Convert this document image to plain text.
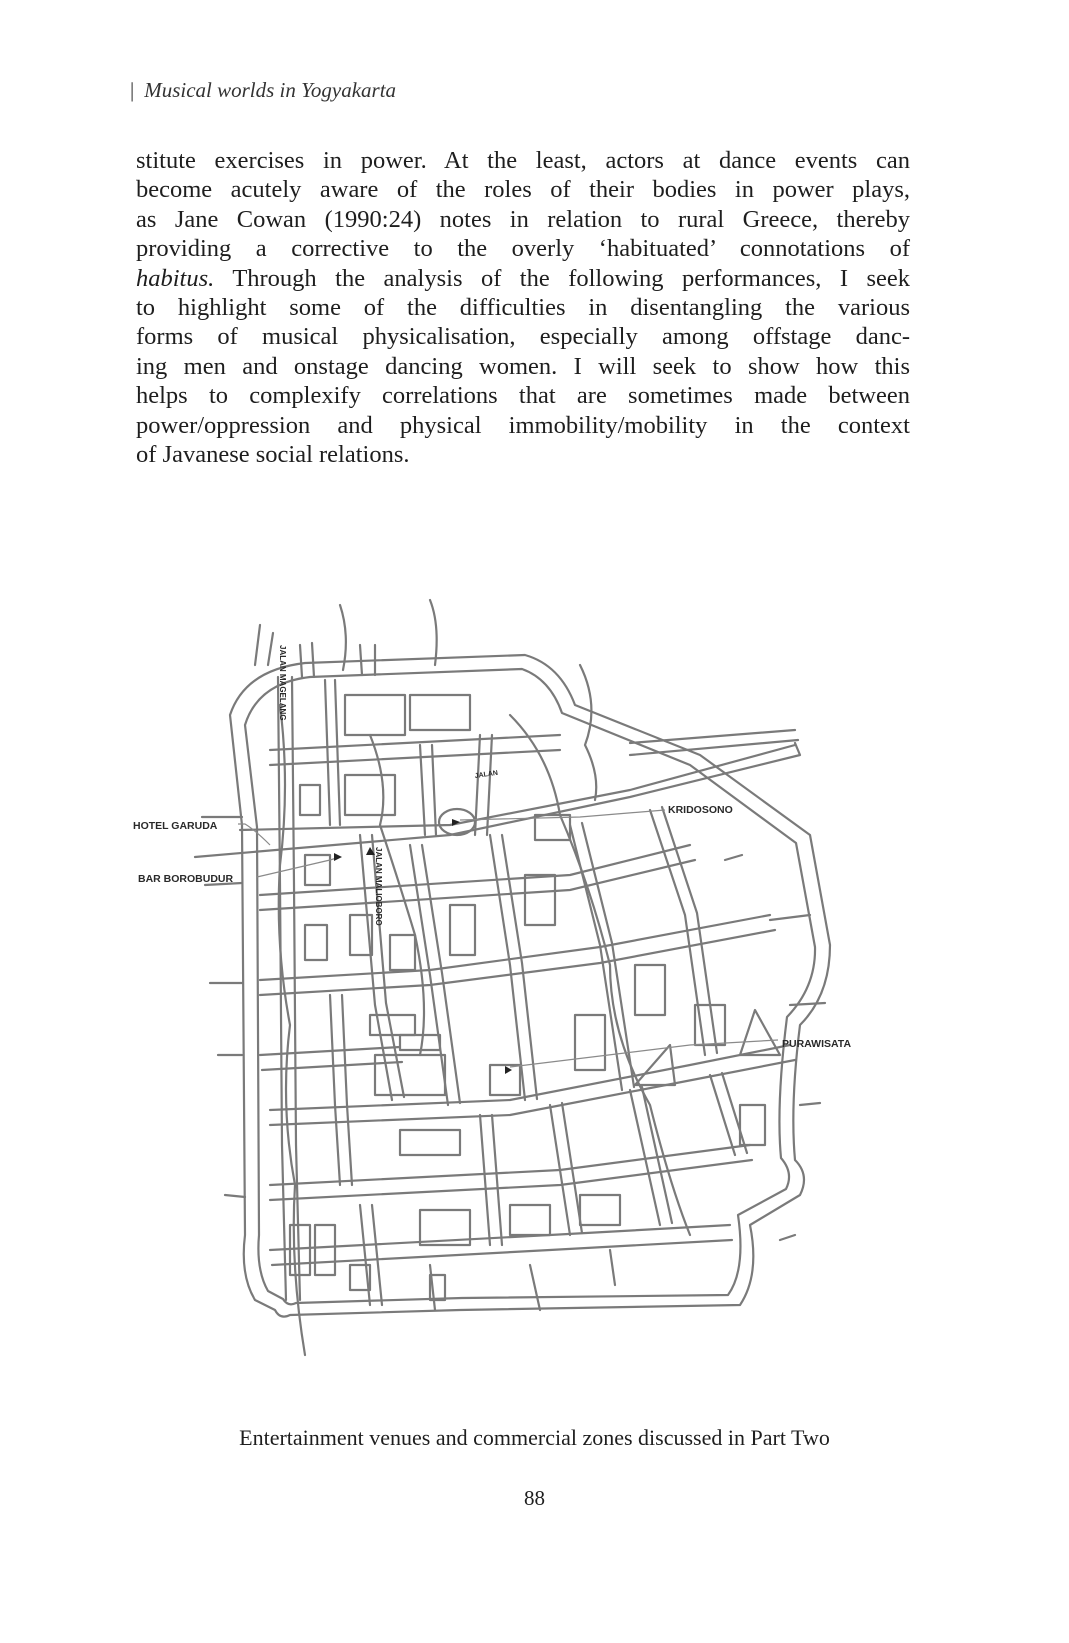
| Musical worlds in Yogyakarta
stitute exercises in power. At the least, actors at dance events can
become acutely aware of the roles of their bodies in power plays,
as Jane Cowan (1990:24) notes in relation to rural Greece, thereby
providing a corrective to the overly ‘habituated’ connotations of
habitus. Through the analysis of the following performances, I seek
to highlight some of the difficulties in disentangling the various
forms of musical physicalisation, especially among offstage danc-
ing men and onstage dancing women. I will seek to show how this
helps to complexify correlations that are sometimes made between
power/oppression and physical immobility/mobility in the context
of Javanese social relations.
HOTEL GARUDA
BAR BOROBUDUR
KRIDOSONO
PURAWISATA
JALAN MAGELANG
JALAN MALIOBORO
JALAN
Entertainment venues and commercial zones discussed in Part Two
88
